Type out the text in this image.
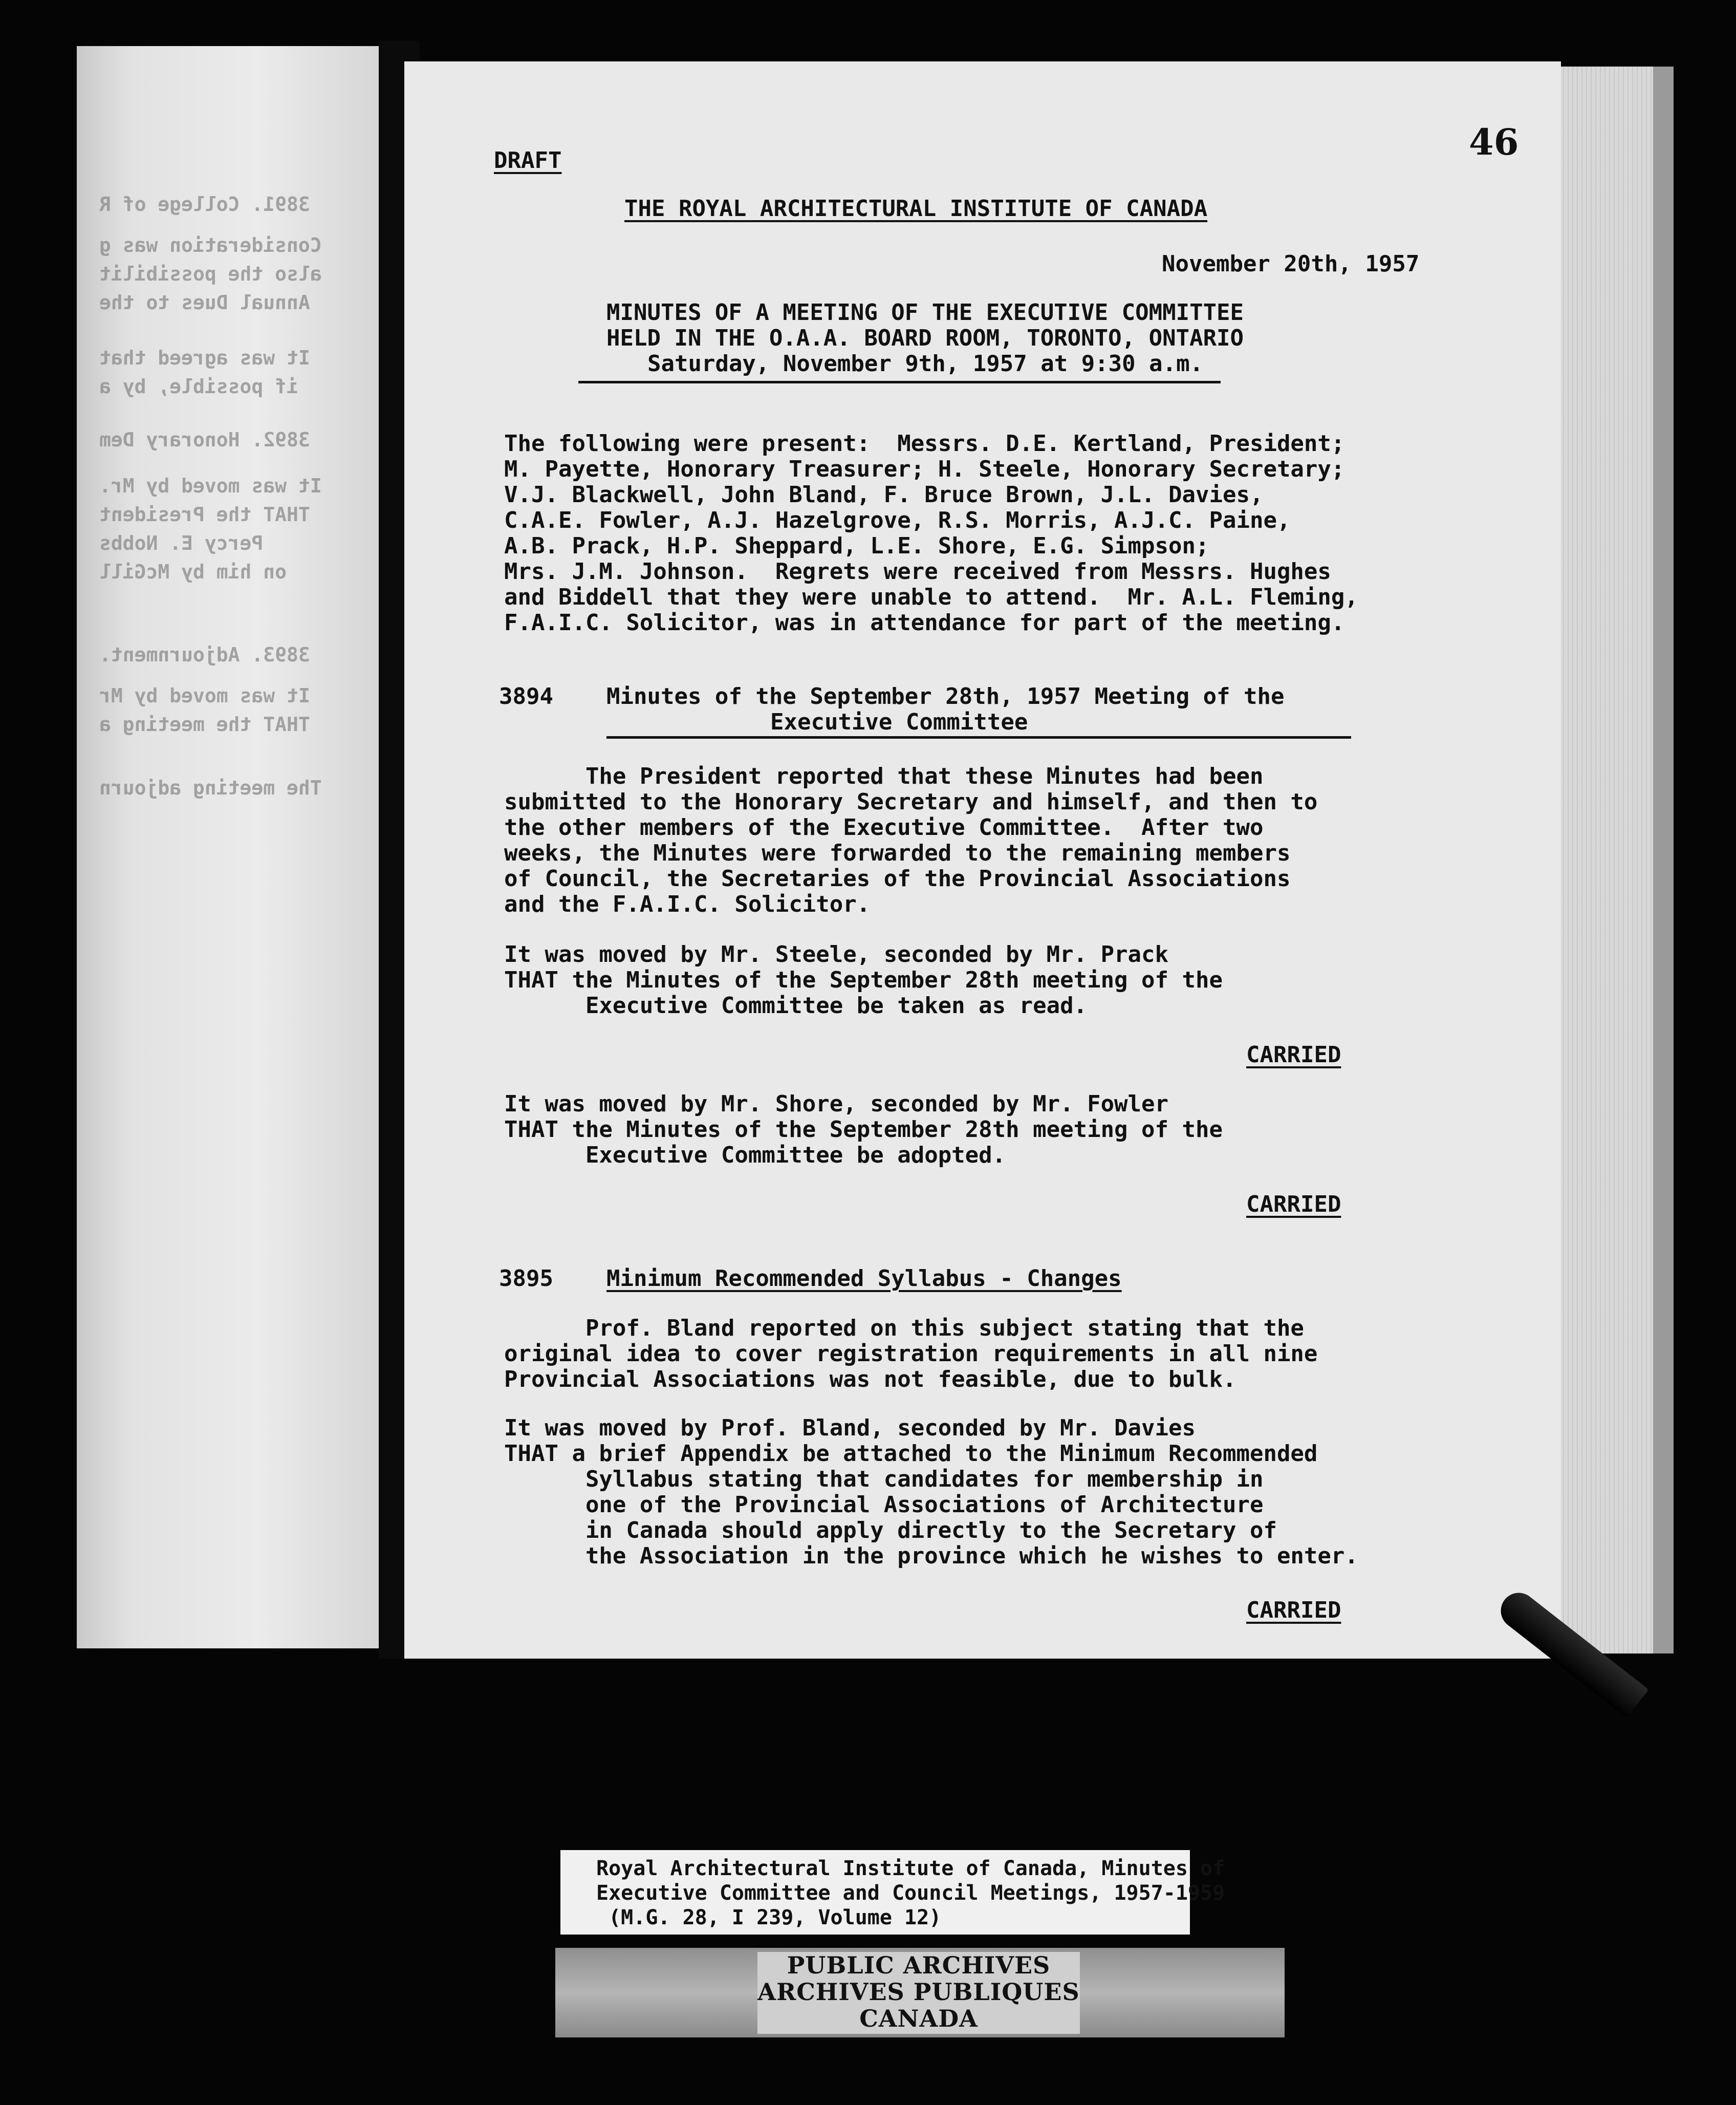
3891. College of R

Consideration was g

also the possibilit

Annual Dues to the

It was agreed that

if possible, by a

3892. Honorary Dem

It was moved by Mr.

THAT the President

Percy E. Nobbs

on him by McGill

3893. Adjournment.

It was moved by Mr

THAT the meeting a

The meeting adjourn

DRAFT	46

THE ROYAL ARCHITECTURAL INSTITUTE OF CANADA

November 20th, 1957

MINUTES OF A MEETING OF THE EXECUTIVE COMMITTEE

HELD IN THE O.A.A. BOARD ROOM, TORONTO, ONTARIO

Saturday, November 9th, 1957 at 9:30 a.m.

The following were present:  Messrs. D.E. Kertland, President;

M. Payette, Honorary Treasurer; H. Steele, Honorary Secretary;

V.J. Blackwell, John Bland, F. Bruce Brown, J.L. Davies,

C.A.E. Fowler, A.J. Hazelgrove, R.S. Morris, A.J.C. Paine,

A.B. Prack, H.P. Sheppard, L.E. Shore, E.G. Simpson;

Mrs. J.M. Johnson.  Regrets were received from Messrs. Hughes

and Biddell that they were unable to attend.  Mr. A.L. Fleming,

F.A.I.C. Solicitor, was in attendance for part of the meeting.

3894 Minutes of the September 28th, 1957 Meeting of the

Executive Committee

The President reported that these Minutes had been

submitted to the Honorary Secretary and himself, and then to

the other members of the Executive Committee.  After two

weeks, the Minutes were forwarded to the remaining members

of Council, the Secretaries of the Provincial Associations

and the F.A.I.C. Solicitor.

It was moved by Mr. Steele, seconded by Mr. Prack

THAT the Minutes of the September 28th meeting of the

Executive Committee be taken as read.

CARRIED

It was moved by Mr. Shore, seconded by Mr. Fowler

THAT the Minutes of the September 28th meeting of the

Executive Committee be adopted.

CARRIED

3895 Minimum Recommended Syllabus - Changes

Prof. Bland reported on this subject stating that the

original idea to cover registration requirements in all nine

Provincial Associations was not feasible, due to bulk.

It was moved by Prof. Bland, seconded by Mr. Davies

THAT a brief Appendix be attached to the Minimum Recommended

Syllabus stating that candidates for membership in

one of the Provincial Associations of Architecture

in Canada should apply directly to the Secretary of

the Association in the province which he wishes to enter.

CARRIED

Royal Architectural Institute of Canada, Minutes of

Executive Committee and Council Meetings, 1957-1959

(M.G. 28, I 239, Volume 12)

PUBLIC ARCHIVES
ARCHIVES PUBLIQUES
CANADA
